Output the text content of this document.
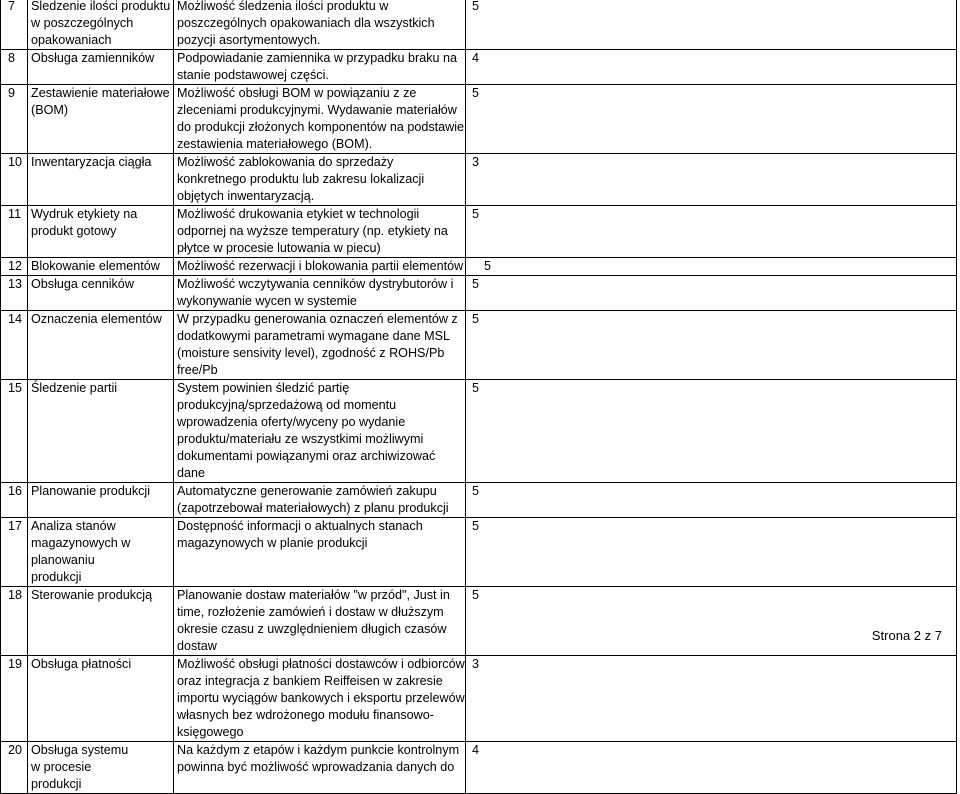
7	Śledzenie ilości produktu w poszczególnych opakowaniach	Możliwość śledzenia ilości produktu w poszczególnych opakowaniach dla wszystkich pozycji asortymentowych.	5
8	Obsługa zamienników	Podpowiadanie zamiennika w przypadku braku na stanie podstawowej części.	4
9	Zestawienie materiałowe (BOM)	Możliwość obsługi BOM w powiązaniu z ze zleceniami produkcyjnymi. Wydawanie materiałów do produkcji złożonych komponentów na podstawie zestawienia materiałowego (BOM).	5
10	Inwentaryzacja ciągła	Możliwość zablokowania do sprzedaży konkretnego produktu lub zakresu lokalizacji objętych inwentaryzacją.	3
11	Wydruk etykiety na produkt gotowy	Możliwość drukowania etykiet w technologii odpornej na wyższe temperatury (np. etykiety na płytce w procesie lutowania w piecu)	5
12	Blokowanie elementów	Możliwość rezerwacji i blokowania partii elementów	5
13	Obsługa cenników	Możliwość wczytywania cenników dystrybutorów i wykonywanie wycen w systemie	5
14	Oznaczenia elementów	W przypadku generowania oznaczeń elementów z dodatkowymi parametrami wymagane dane MSL (moisture sensivity level), zgodność z ROHS/Pb free/Pb	5
15	Śledzenie partii	System powinien śledzić partię produkcyjną/sprzedażową od momentu wprowadzenia oferty/wyceny po wydanie produktu/materiału ze wszystkimi możliwymi dokumentami powiązanymi oraz archiwizować dane	5
16	Planowanie produkcji	Automatyczne generowanie zamówień zakupu (zapotrzebował materiałowych) z planu produkcji	5
17	Analiza stanów magazynowych w planowaniu produkcji	Dostępność informacji o aktualnych stanach magazynowych w planie produkcji	5
18	Sterowanie produkcją	Planowanie dostaw materiałów "w przód", Just in time, rozłożenie zamówień i dostaw w dłuższym okresie czasu z uwzględnieniem długich czasów dostaw	5
19	Obsługa płatności	Możliwość obsługi płatności dostawców i odbiorców oraz integracja z bankiem Reiffeisen w zakresie importu wyciągów bankowych i eksportu przelewów własnych bez wdrożonego modułu finansowo-księgowego	3
20	Obsługa systemu w procesie produkcji	Na każdym z etapów i każdym punkcie kontrolnym powinna być możliwość wprowadzania danych do	4
Strona 2 z 7
